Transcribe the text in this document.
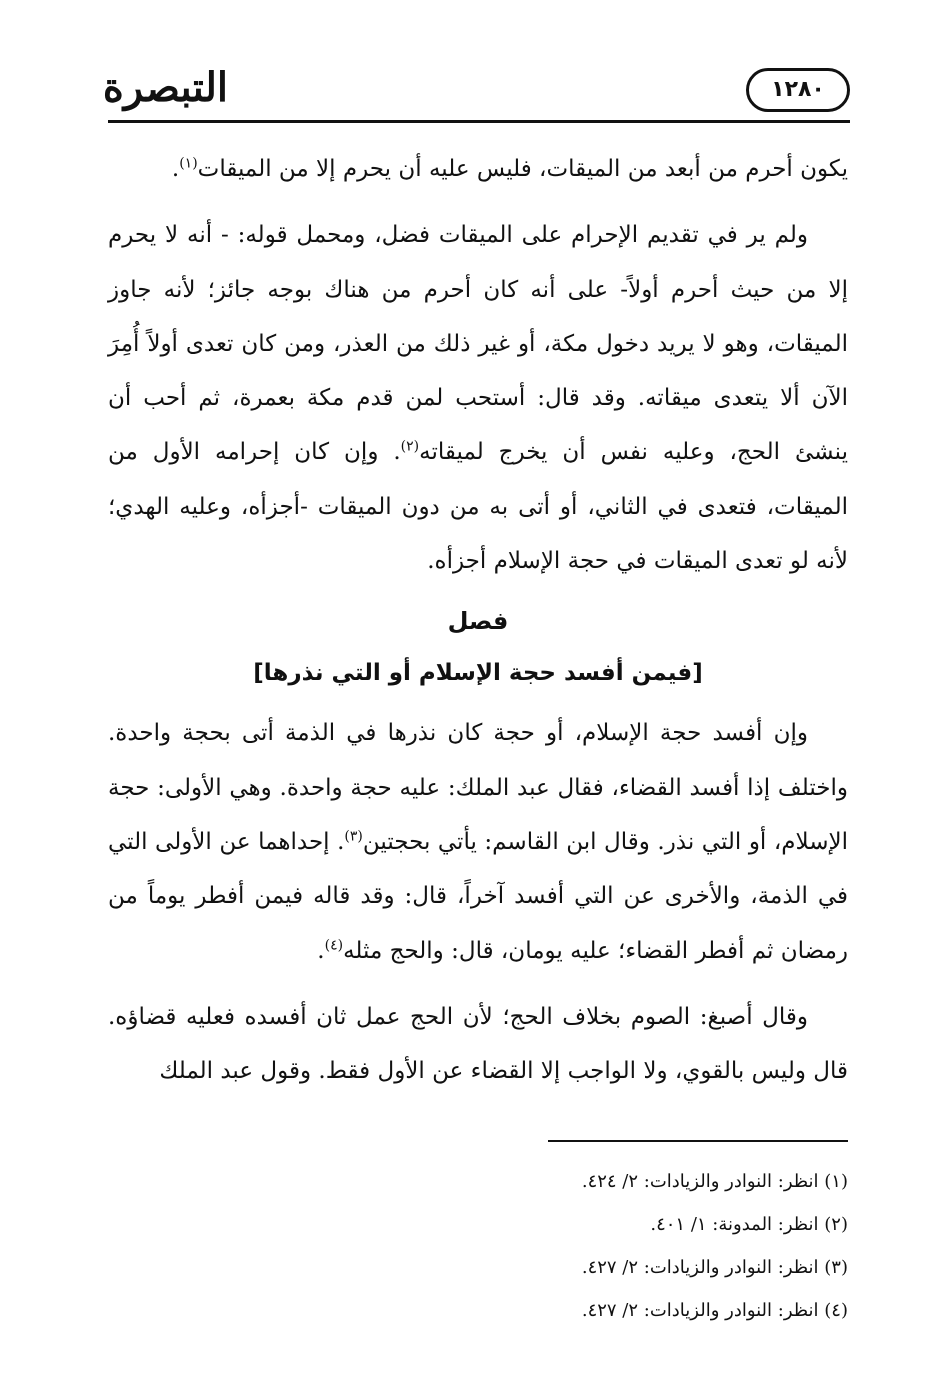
التبصرة	١٢٨٠

يكون أحرم من أبعد من الميقات، فليس عليه أن يحرم إلا من الميقات$^{(١)}$.

ولم ير في تقديم الإحرام على الميقات فضل، ومحمل قوله: - أنه لا يحرم إلا من حيث أحرم أولاً- على أنه كان أحرم من هناك بوجه جائز؛ لأنه جاوز الميقات، وهو لا يريد دخول مكة، أو غير ذلك من العذر، ومن كان تعدى أولاً أُمِرَ الآن ألا يتعدى ميقاته. وقد قال: أستحب لمن قدم مكة بعمرة، ثم أحب أن ينشئ الحج، وعليه نفس أن يخرج لميقاته$^{(٢)}$. وإن كان إحرامه الأول من الميقات، فتعدى في الثاني، أو أتى به من دون الميقات -أجزأه، وعليه الهدي؛ لأنه لو تعدى الميقات في حجة الإسلام أجزأه.

فصل
[فيمن أفسد حجة الإسلام أو التي نذرها]

وإن أفسد حجة الإسلام، أو حجة كان نذرها في الذمة أتى بحجة واحدة. واختلف إذا أفسد القضاء، فقال عبد الملك: عليه حجة واحدة. وهي الأولى: حجة الإسلام، أو التي نذر. وقال ابن القاسم: يأتي بحجتين$^{(٣)}$. إحداهما عن الأولى التي في الذمة، والأخرى عن التي أفسد آخراً، قال: وقد قاله فيمن أفطر يوماً من رمضان ثم أفطر القضاء؛ عليه يومان، قال: والحج مثله$^{(٤)}$.

وقال أصبغ: الصوم بخلاف الحج؛ لأن الحج عمل ثان أفسده فعليه قضاؤه. قال وليس بالقوي، ولا الواجب إلا القضاء عن الأول فقط. وقول عبد الملك

(١) انظر: النوادر والزيادات: ٢/ ٤٢٤.

(٢) انظر: المدونة: ١/ ٤٠١.

(٣) انظر: النوادر والزيادات: ٢/ ٤٢٧.

(٤) انظر: النوادر والزيادات: ٢/ ٤٢٧.
